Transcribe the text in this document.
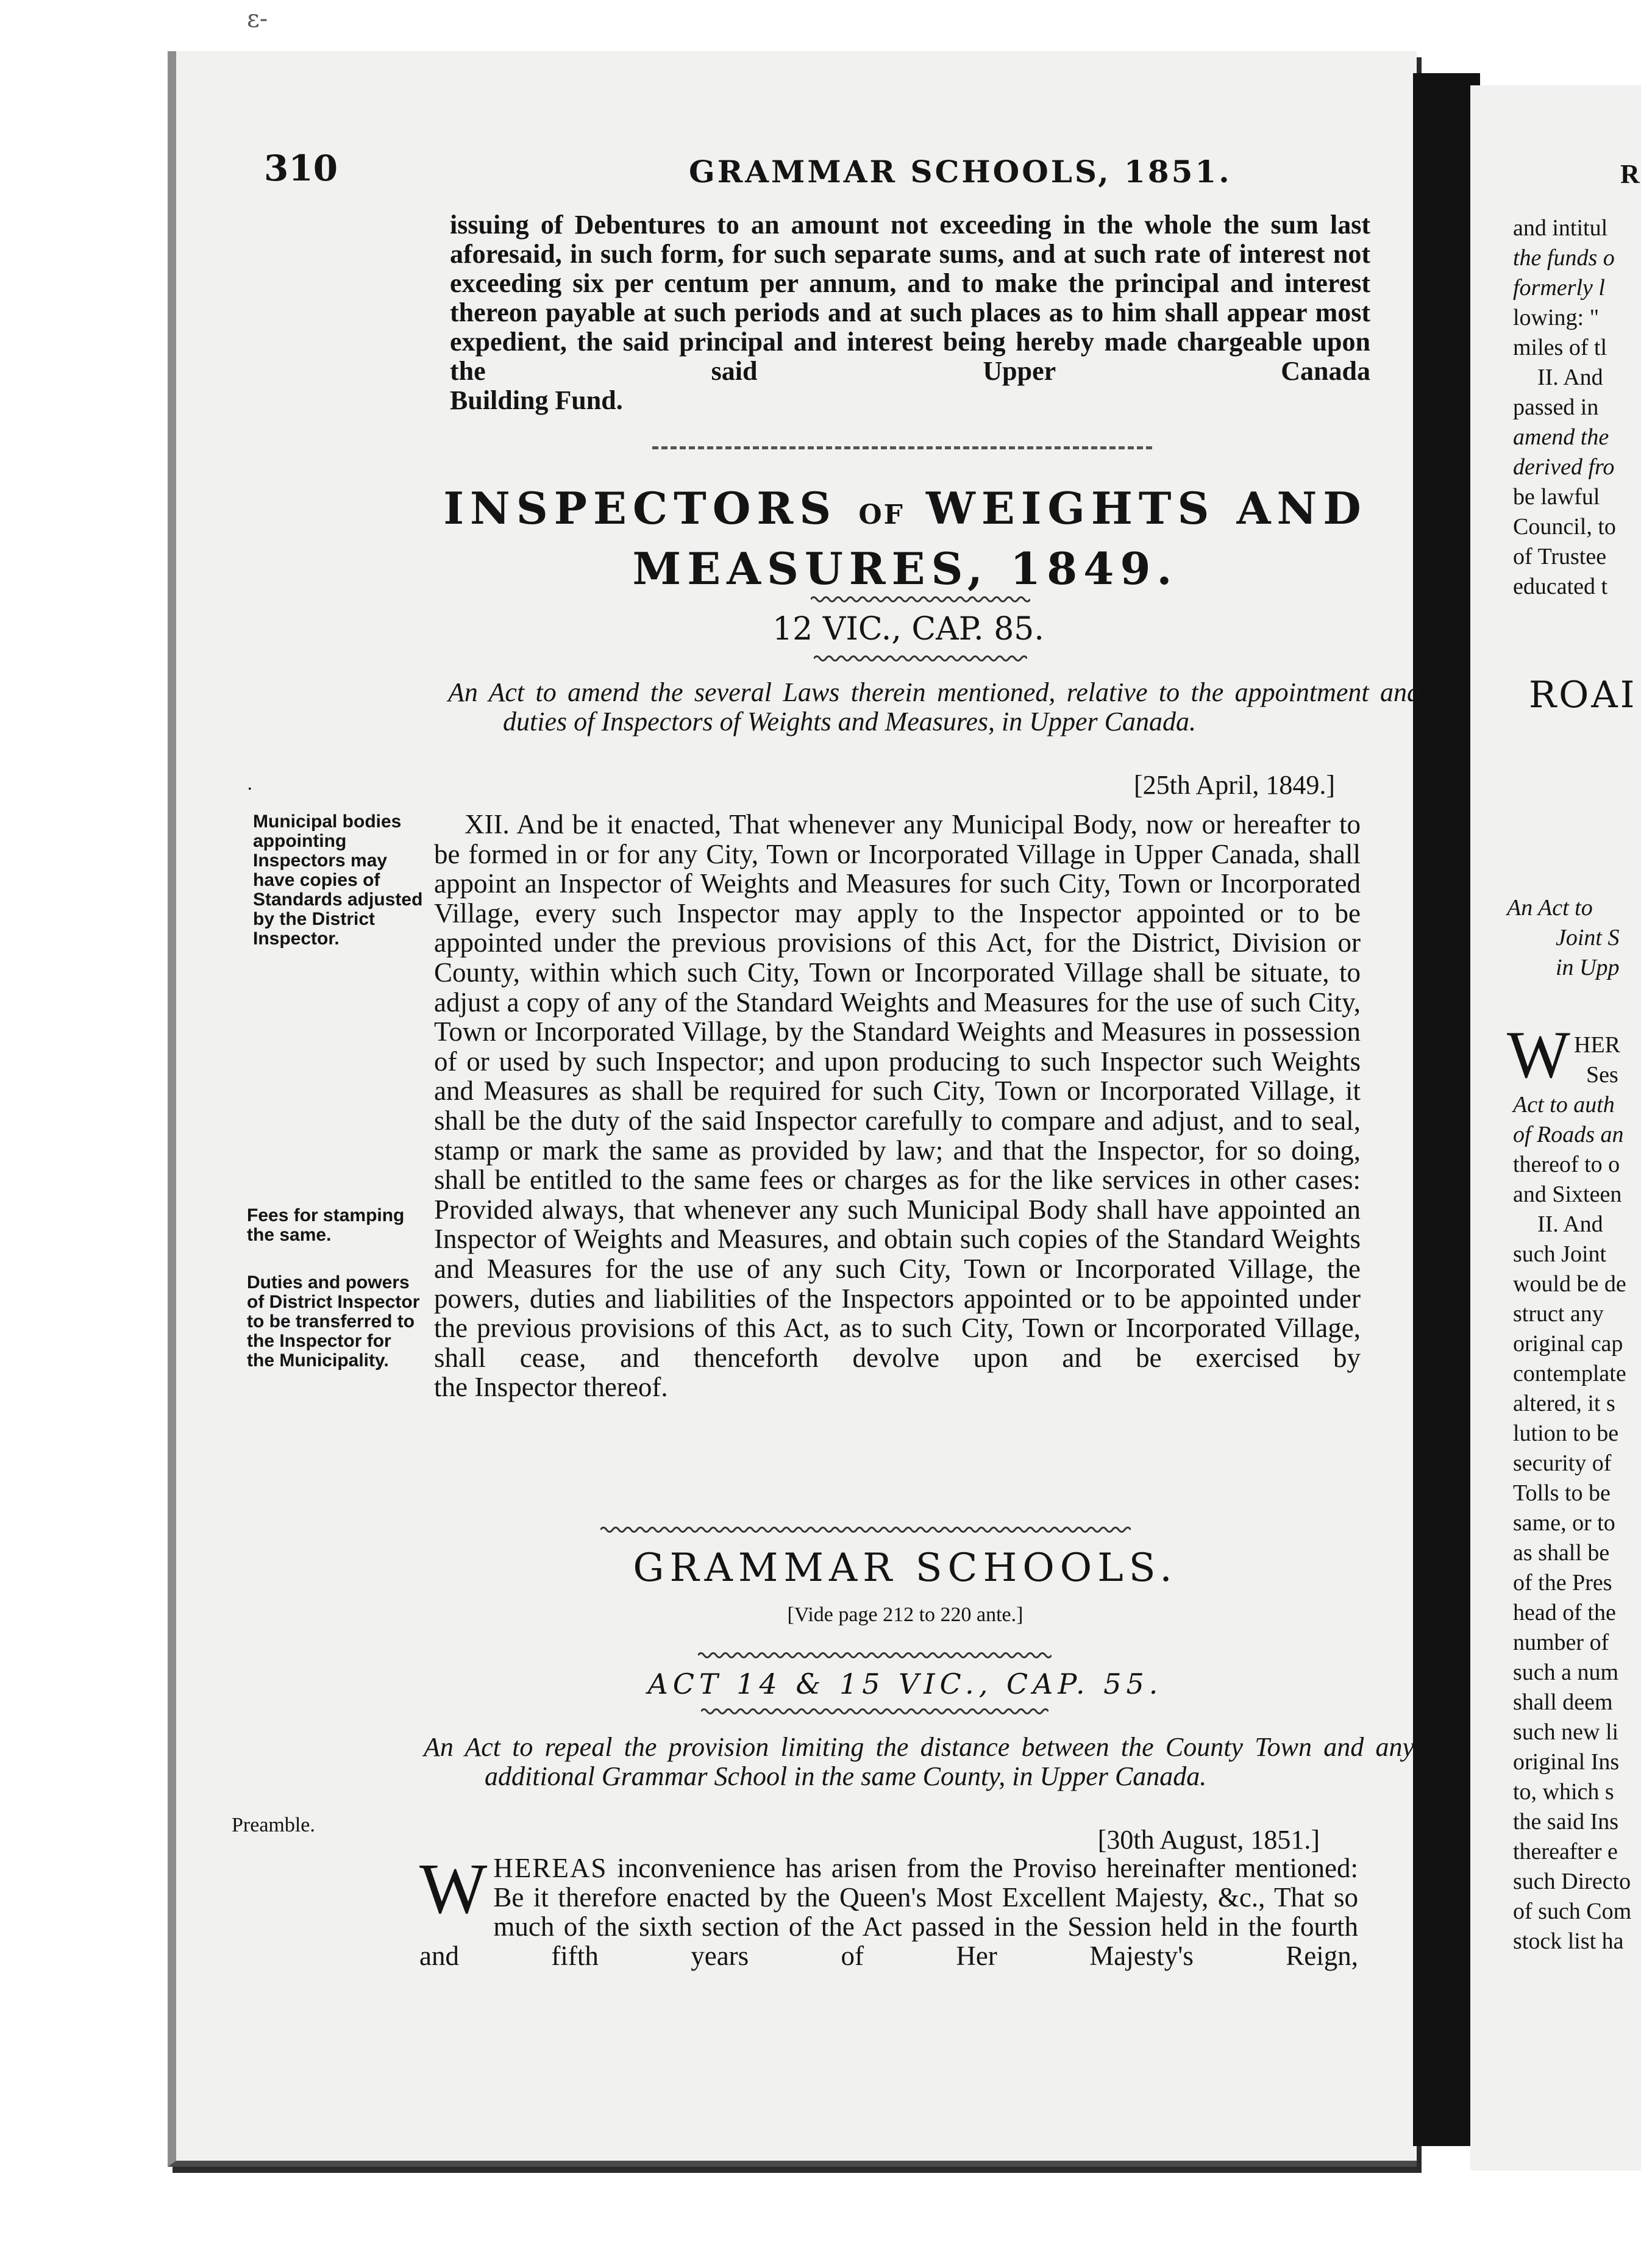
ε-
310	GRAMMAR SCHOOLS, 1851.
issuing of Debentures to an amount not exceeding in the whole the sum last aforesaid, in such form, for such separate sums, and at such rate of interest not exceeding six per centum per annum, and to make the principal and interest thereon payable at such periods and at such places as to him shall appear most expedient, the said principal and interest being hereby made chargeable upon the said Upper Canada
Building Fund.
INSPECTORS OF WEIGHTS AND
MEASURES, 1849.
12 VIC., CAP. 85.
An Act to amend the several Laws therein mentioned, relative to the appointment and duties of Inspectors of Weights and Measures, in Upper Canada.
[25th April, 1849.]
Municipal bodies appointing Inspectors may have copies of Standards adjusted by the District Inspector.
Fees for stamping the same.
Duties and powers of District Inspector to be transferred to the Inspector for the Municipality.
XII. And be it enacted, That whenever any Municipal Body, now or hereafter to be formed in or for any City, Town or Incorporated Village in Upper Canada, shall appoint an Inspector of Weights and Measures for such City, Town or Incorporated Village, every such Inspector may apply to the Inspector appointed or to be appointed under the previous provisions of this Act, for the District, Division or County, within which such City, Town or Incorporated Village shall be situate, to adjust a copy of any of the Standard Weights and Measures for the use of such City, Town or Incorporated Village, by the Standard Weights and Measures in possession of or used by such Inspector; and upon producing to such Inspector such Weights and Measures as shall be required for such City, Town or Incorporated Village, it shall be the duty of the said Inspector carefully to compare and adjust, and to seal, stamp or mark the same as provided by law; and that the Inspector, for so doing, shall be entitled to the same fees or charges as for the like services in other cases: Provided always, that whenever any such Municipal Body shall have appointed an Inspector of Weights and Measures, and obtain such copies of the Standard Weights and Measures for the use of any such City, Town or Incorporated Village, the powers, duties and liabilities of the Inspectors appointed or to be appointed under the previous provisions of this Act, as to such City, Town or Incorporated Village, shall cease, and thenceforth devolve upon and be exercised by
the Inspector thereof.
GRAMMAR SCHOOLS.
[Vide page 212 to 220 ante.]
ACT 14 & 15 VIC., CAP. 55.
An Act to repeal the provision limiting the distance between the County Town and any additional Grammar School in the same County, in Upper Canada.
Preamble.
W HEREAS inconvenience has arisen from the Proviso hereinafter mentioned: Be it therefore enacted by the Queen's Most Excellent Majesty, &c., That so much of the sixth section of the Act passed in the Session held in the fourth and fifth years of Her Majesty's Reign,
[30th August, 1851.]
.
R
and intitul
the funds o
formerly l
lowing: "
miles of tl
II. And
passed in
amend the
derived fro
be lawful
Council, to
of Trustee
educated t
ROAI
An Act to
Joint S
in Upp
W HER
Ses
Act to auth
of Roads an
thereof to o
and Sixteen
II. And
such Joint
would be de
struct any
original cap
contemplate
altered, it s
lution to be
security of
Tolls to be
same, or to
as shall be
of the Pres
head of the
number of
such a num
shall deem
such new li
original Ins
to, which s
the said Ins
thereafter e
such Directo
of such Com
stock list ha
